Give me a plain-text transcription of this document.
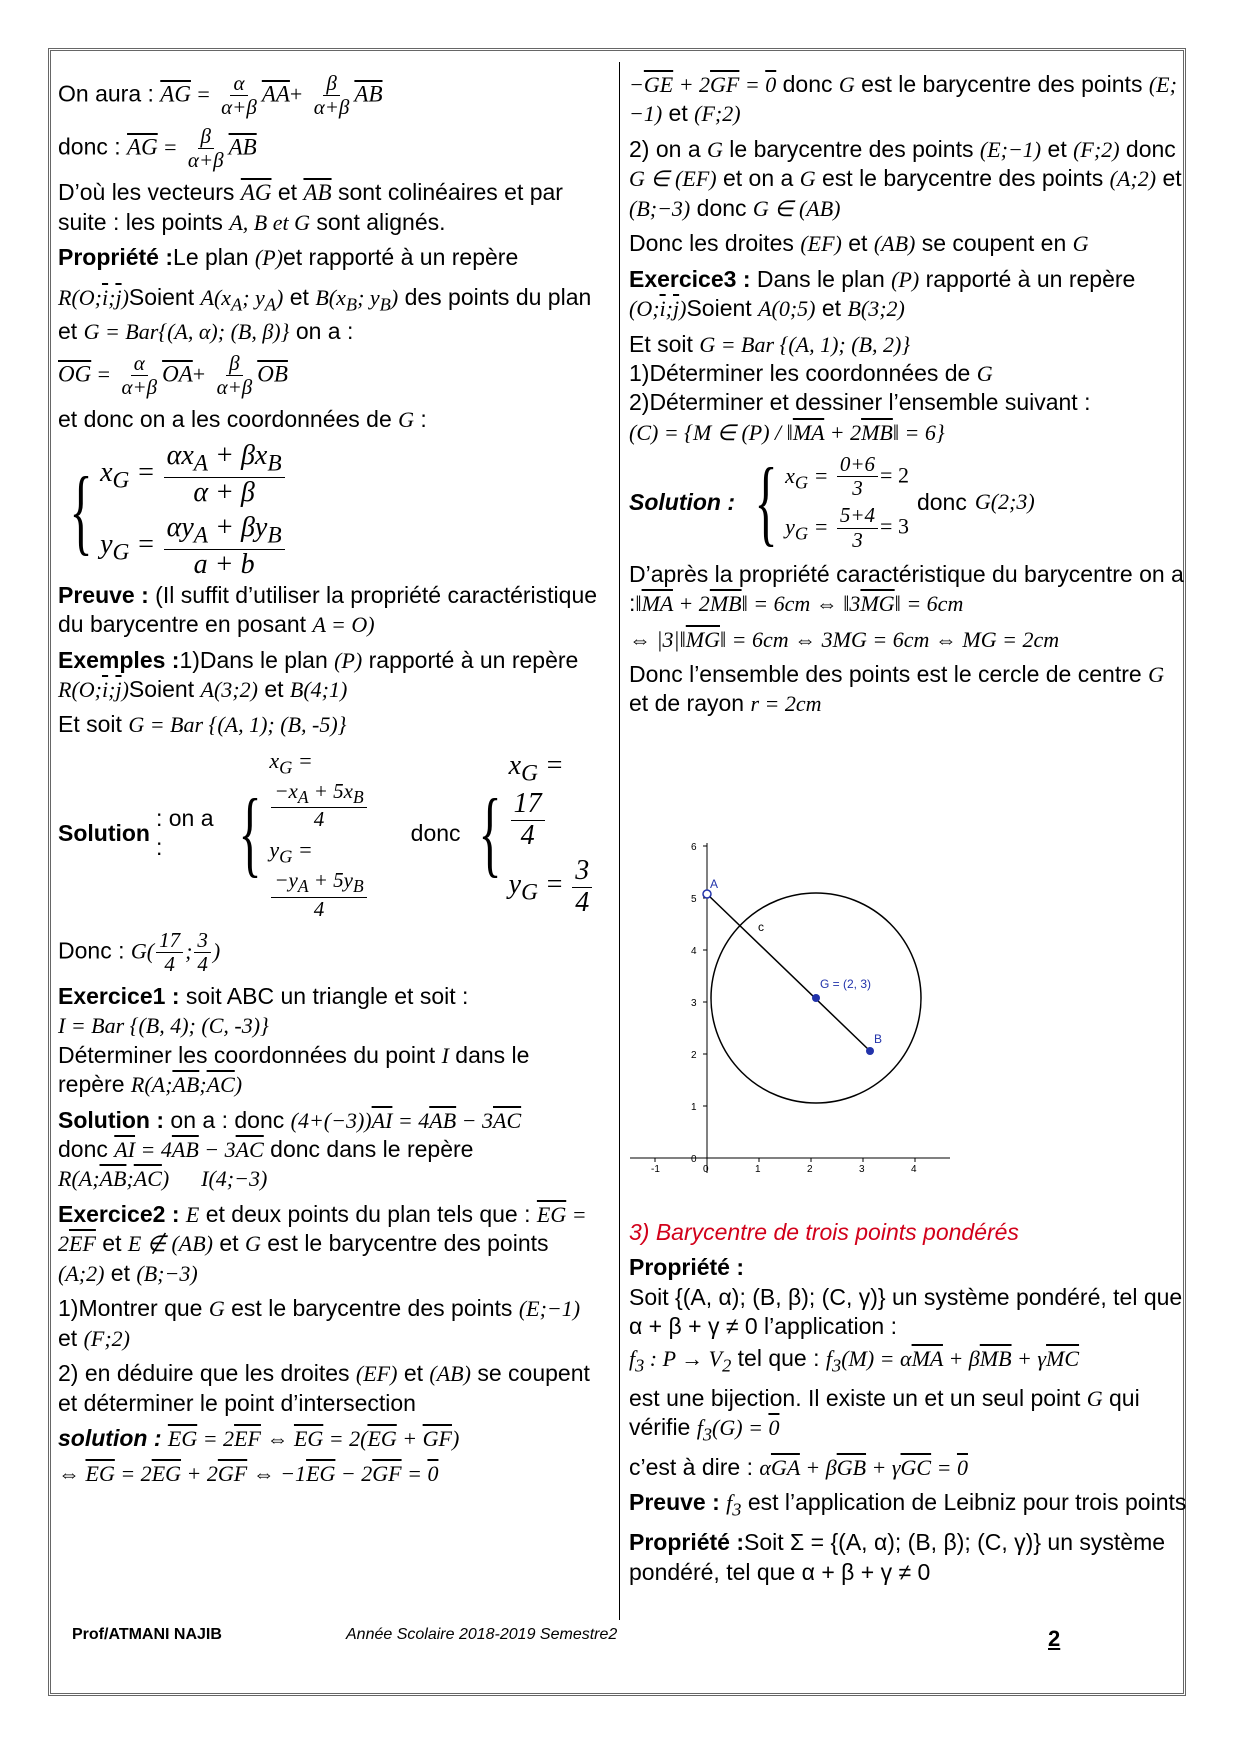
On aura : $\overline{AG} = \frac{\alpha}{\alpha+\beta} \overline{AA}+ \frac{\beta}{\alpha+\beta} \overline{AB}$

donc : $\overline{AG} = \frac{\beta}{\alpha+\beta} \overline{AB}$

D’où les vecteurs $\overline{AG}$ et $\overline{AB}$ sont colinéaires et par suite : les points A, B et G sont alignés.

Propriété :Le plan (P)et rapporté à un repère

$R(O;\overline{i};\overline{j})Soient$ $A(x_A$; $y_A$) et $B(x_B$; $y_B$) des points du plan et G = Bar{(A, α); (B, β)} on a :

$\overline{OG} = \frac{\alpha}{\alpha+\beta} \overline{OA}+ \frac{\beta}{\alpha+\beta} \overline{OB}$

et donc on a les coordonnées de G :

{ $x_G = \frac{\alpha x_A + \beta x_B}{\alpha + \beta}$
$y_G = \frac{\alpha y_A + \beta y_B}{a + b}$

Preuve : (Il suffit d’utiliser la propriété caractéristique du barycentre en posant A = O)

Exemples :1)Dans le plan (P) rapporté à un repère $R(O;\overline{i};\overline{j})Soient$ A(3;2) et B(4;1)

Et soit G = Bar {(A, 1); (B, -5)}

Solution
: on a : {
$x_G$ =
$\frac{-x_A + 5x_B}{4}$
$y_G$ =
$\frac{-y_A + 5y_B}{4}$
donc {
$x_G$ =
$\frac{17}{4}$
$y_G = \frac{3}{4}$

Donc : $G( \frac{17}{4}$ ; $\frac{3}{4}$ )

Exercice1 : soit ABC un triangle et soit :
I = Bar {(B, 4); (C, -3)}
Déterminer les coordonnées du point I dans le repère $R(A;\overline{AB};\overline{AC})$

Solution : on a : donc $(4+(-3))\overline{AI} = 4\overline{AB} - 3\overline{AC}$
donc $\overline{AI} = 4\overline{AB} - 3\overline{AC}$ donc dans le repère
$R(A;\overline{AB};\overline{AC})$ I(4;−3)

Exercice2 : E et deux points du plan tels que : $\overline{EG} = 2\overline{EF}$ et E ∉ (AB) et G est le barycentre des points (A;2) et (B;−3)

1)Montrer que G est le barycentre des points (E;−1) et (F;2)

2) en déduire que les droites (EF) et (AB) se coupent et déterminer le point d’intersection

solution : $\overline{EG} = 2\overline{EF}$ ⇔ $\overline{EG} = 2(\overline{EG} + \overline{GF})$

⇔ $\overline{EG} = 2\overline{EG} + 2\overline{GF}$ ⇔ $-1\overline{EG} - 2\overline{GF} = 0$

$-\overline{GE} + 2\overline{GF} = 0$ donc G est le barycentre des points (E;−1) et (F;2)

2) on a G le barycentre des points (E;−1) et (F;2) donc G ∈ (EF) et on a G est le barycentre des points (A;2) et (B;−3) donc G ∈ (AB)

Donc les droites (EF) et (AB) se coupent en G

Exercice3 : Dans le plan (P) rapporté à un repère $(O;\overline{i};\overline{j})Soient$ A(0;5) et B(3;2)

Et soit G = Bar {(A, 1); (B, 2)}
1)Déterminer les coordonnées de G
2)Déterminer et dessiner l’ensemble suivant :
(C) = {M ∈ $(P) / ‖\overline{MA}$ + $2\overline{MB}‖ = 6$}

Solution : { $x_G = \frac{0+6}{3} = 2$
$y_G = \frac{5+4}{3} = 3$
donc G(2;3)

D’après la propriété caractéristique du barycentre on a $:‖\overline{MA}$ + $2\overline{MB}‖ = 6cm$ ⇔ $‖3\overline{MG}‖ = 6cm$

⇔ $|3|‖\overline{MG}‖ = 6cm$ ⇔ 3MG = 6cm ⇔ MG = 2cm

Donc l’ensemble des points est le cercle de centre G et de rayon r = 2cm

-1	0	1	2	3	4
0
1
2
3
4
5
6
A
B
c
G = (2, 3)

3) Barycentre de trois points pondérés

Propriété :
Soit {(A, α); (B, β); (C, γ)} un système pondéré, tel que α + β + γ ≠ 0 l’application :

$f_3$ : $P \to V_2$ tel que : $f_3(M) = \alpha\overline{MA} + \beta\overline{MB} + \gamma\overline{MC}$

est une bijection. Il existe un et un seul point G qui vérifie $f_3(G) = 0$

c’est à dire : $\alpha\overline{GA} + \beta\overline{GB} + \gamma\overline{GC} = 0$

Preuve : $f_3$ est l’application de Leibniz pour trois points

Propriété :Soit Σ = {(A, α); (B, β); (C, γ)} un système pondéré, tel que α + β + γ ≠ 0

Prof/ATMANI NAJIB	Année Scolaire 2018-2019 Semestre2	2
